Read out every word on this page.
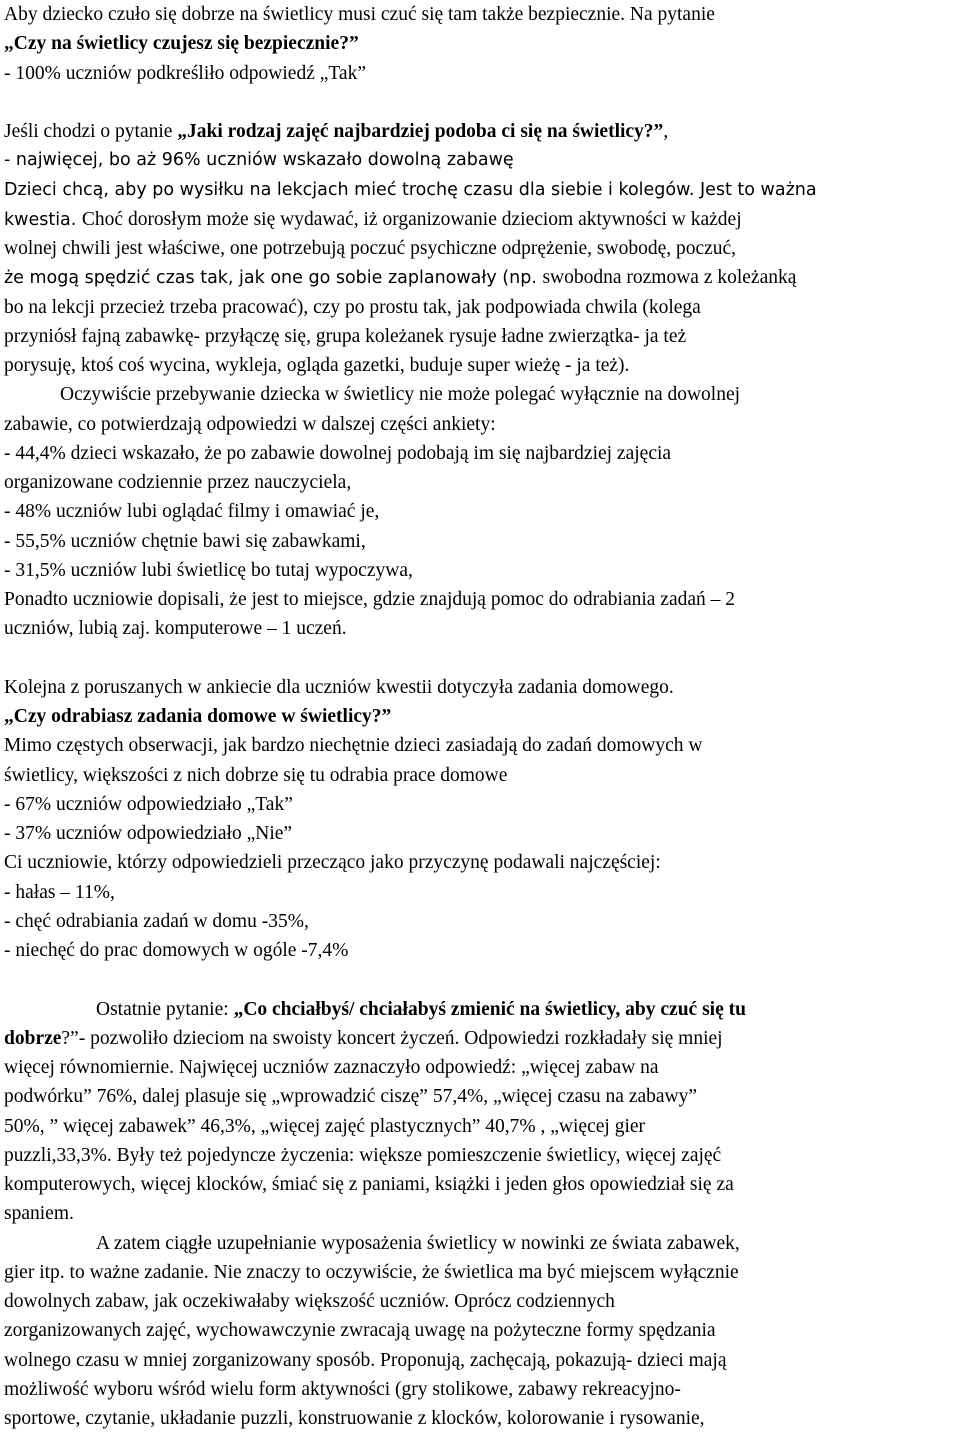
Aby dziecko czuło się dobrze na świetlicy musi czuć się tam także bezpiecznie. Na pytanie
„Czy na świetlicy czujesz się bezpiecznie?”
- 100% uczniów podkreśliło odpowiedź „Tak”
Jeśli chodzi o pytanie „Jaki rodzaj zajęć najbardziej podoba ci się na świetlicy?”,
- najwięcej, bo aż 96% uczniów wskazało dowolną zabawę
Dzieci chcą, aby po wysiłku na lekcjach mieć trochę czasu dla siebie i kolegów. Jest to ważna
kwestia. Choć dorosłym może się wydawać, iż organizowanie dzieciom aktywności w każdej
wolnej chwili jest właściwe, one potrzebują poczuć psychiczne odprężenie, swobodę, poczuć,
że mogą spędzić czas tak, jak one go sobie zaplanowały (np. swobodna rozmowa z koleżanką
bo na lekcji przecież trzeba pracować), czy po prostu tak, jak podpowiada chwila (kolega
przyniósł fajną zabawkę- przyłączę się, grupa koleżanek rysuje ładne zwierzątka- ja też
porysuję, ktoś coś wycina, wykleja, ogląda gazetki, buduje super wieżę - ja też).
Oczywiście przebywanie dziecka w świetlicy nie może polegać wyłącznie na dowolnej
zabawie, co potwierdzają odpowiedzi w dalszej części ankiety:
- 44,4% dzieci wskazało, że po zabawie dowolnej podobają im się najbardziej zajęcia
organizowane codziennie przez nauczyciela,
- 48% uczniów lubi oglądać filmy i omawiać je,
- 55,5% uczniów chętnie bawi się zabawkami,
- 31,5% uczniów lubi świetlicę bo tutaj wypoczywa,
Ponadto uczniowie dopisali, że jest to miejsce, gdzie znajdują pomoc do odrabiania zadań – 2
uczniów, lubią zaj. komputerowe – 1 uczeń.
Kolejna z poruszanych w ankiecie dla uczniów kwestii dotyczyła zadania domowego.
„Czy odrabiasz zadania domowe w świetlicy?”
Mimo częstych obserwacji, jak bardzo niechętnie dzieci zasiadają do zadań domowych w
świetlicy, większości z nich dobrze się tu odrabia prace domowe
- 67% uczniów odpowiedziało „Tak”
- 37% uczniów odpowiedziało „Nie”
Ci uczniowie, którzy odpowiedzieli przecząco jako przyczynę podawali najczęściej:
- hałas – 11%,
- chęć odrabiania zadań w domu -35%,
- niechęć do prac domowych w ogóle -7,4%
Ostatnie pytanie: „Co chciałbyś/ chciałabyś zmienić na świetlicy, aby czuć się tu
dobrze?”- pozwoliło dzieciom na swoisty koncert życzeń. Odpowiedzi rozkładały się mniej
więcej równomiernie. Najwięcej uczniów zaznaczyło odpowiedź: „więcej zabaw na
podwórku” 76%, dalej plasuje się „wprowadzić ciszę” 57,4%, „więcej czasu na zabawy”
50%, ” więcej zabawek” 46,3%, „więcej zajęć plastycznych” 40,7% , „więcej gier
puzzli,33,3%. Były też pojedyncze życzenia: większe pomieszczenie świetlicy, więcej zajęć
komputerowych, więcej klocków, śmiać się z paniami, książki i jeden głos opowiedział się za
spaniem.
A zatem ciągłe uzupełnianie wyposażenia świetlicy w nowinki ze świata zabawek,
gier itp. to ważne zadanie. Nie znaczy to oczywiście, że świetlica ma być miejscem wyłącznie
dowolnych zabaw, jak oczekiwałaby większość uczniów. Oprócz codziennych
zorganizowanych zajęć, wychowawczynie zwracają uwagę na pożyteczne formy spędzania
wolnego czasu w mniej zorganizowany sposób. Proponują, zachęcają, pokazują- dzieci mają
możliwość wyboru wśród wielu form aktywności (gry stolikowe, zabawy rekreacyjno-
sportowe, czytanie, układanie puzzli, konstruowanie z klocków, kolorowanie i rysowanie,
